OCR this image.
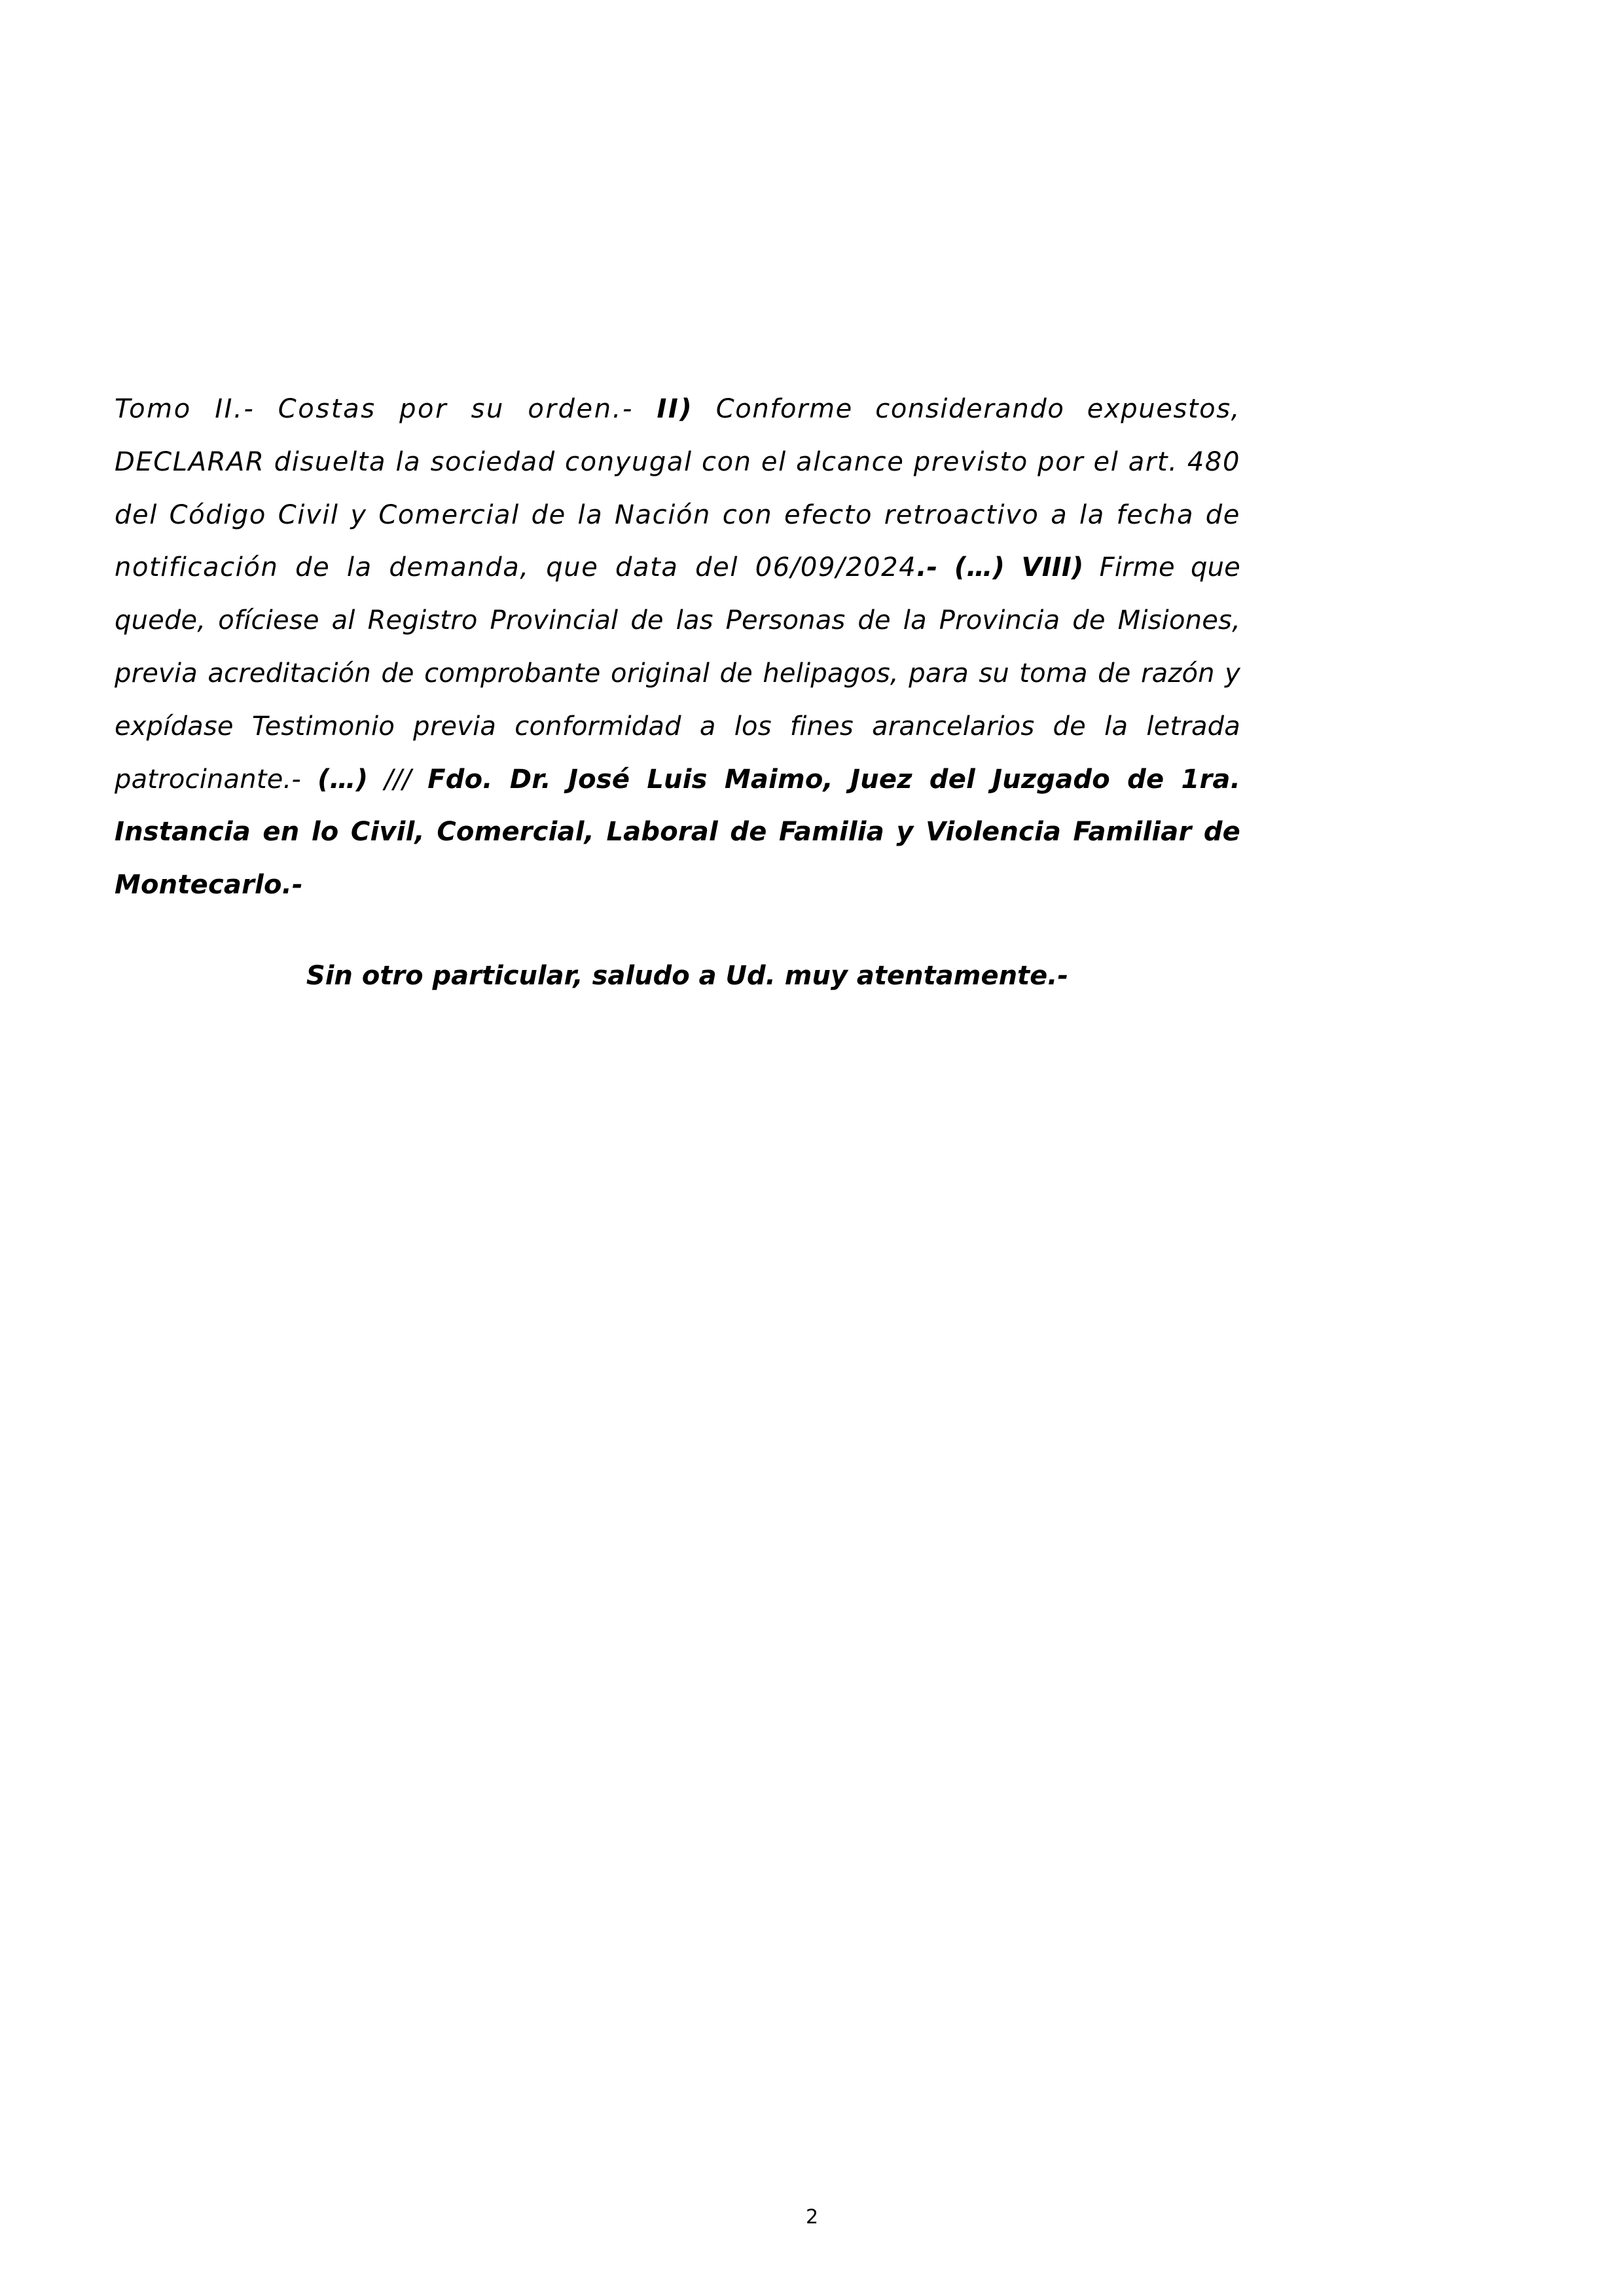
Tomo II.- Costas por su orden.- II) Conforme considerando expuestos, DECLARAR disuelta la sociedad conyugal con el alcance previsto por el art. 480 del Código Civil y Comercial de la Nación con efecto retroactivo a la fecha de notificación de la demanda, que data del 06/09/2024.- (…) VIII) Firme que quede, ofíciese al Registro Provincial de las Personas de la Provincia de Misiones, previa acreditación de comprobante original de helipagos, para su toma de razón y expídase Testimonio previa conformidad a los fines arancelarios de la letrada patrocinante.- (…) /// Fdo. Dr. José Luis Maimo, Juez del Juzgado de 1ra. Instancia en lo Civil, Comercial, Laboral de Familia y Violencia Familiar de Montecarlo.-

Sin otro particular, saludo a Ud. muy atentamente.-

2
